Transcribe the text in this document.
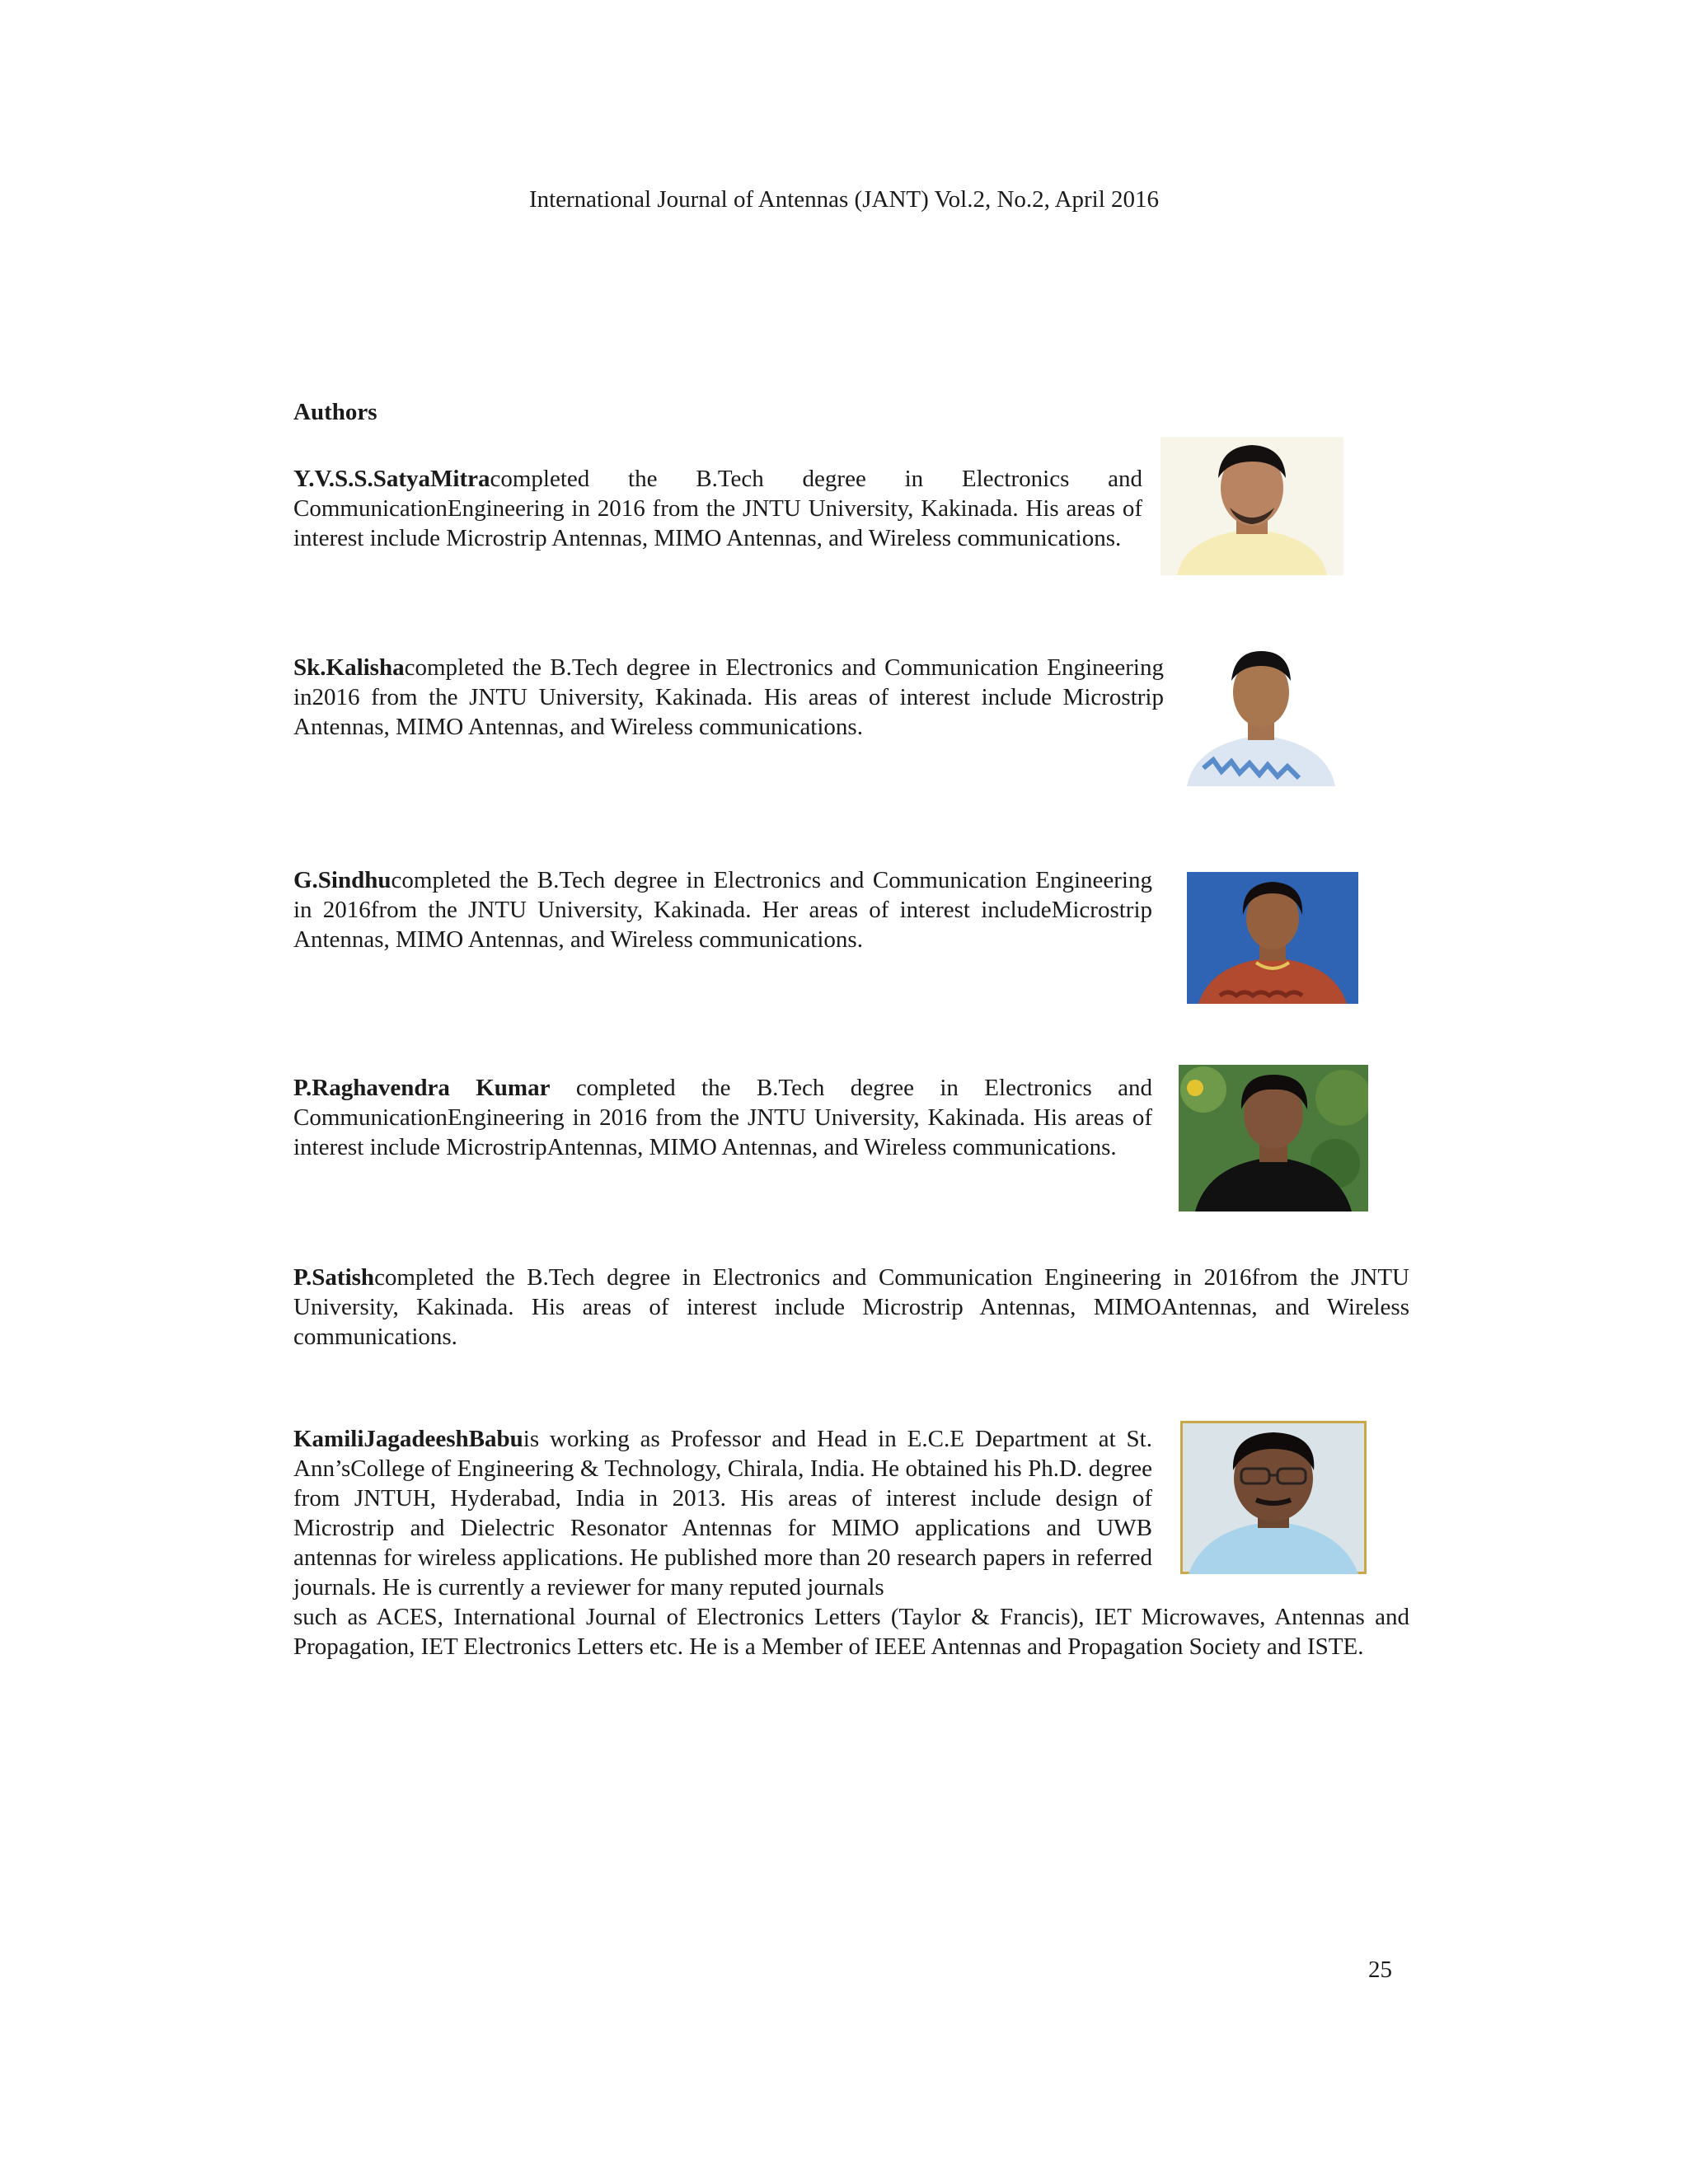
International Journal of Antennas (JANT) Vol.2, No.2, April 2016
Authors
Y.V.S.S.SatyaMitracompleted the B.Tech degree in Electronics and CommunicationEngineering in 2016 from the JNTU University, Kakinada. His areas of interest include Microstrip Antennas, MIMO Antennas, and Wireless communications.
Sk.Kalishacompleted the B.Tech degree in Electronics and Communication Engineering in2016 from the JNTU University, Kakinada. His areas of interest include Microstrip Antennas, MIMO Antennas, and Wireless communications.
G.Sindhucompleted the B.Tech degree in Electronics and Communication Engineering in 2016from the JNTU University, Kakinada. Her areas of interest includeMicrostrip Antennas, MIMO Antennas, and Wireless communications.
P.Raghavendra Kumar completed the B.Tech degree in Electronics and CommunicationEngineering in 2016 from the JNTU University, Kakinada. His areas of interest include MicrostripAntennas, MIMO Antennas, and Wireless communications.
P.Satishcompleted the B.Tech degree in Electronics and Communication Engineering in 2016from the JNTU University, Kakinada. His areas of interest include Microstrip Antennas, MIMOAntennas, and Wireless communications.
KamiliJagadeeshBabuis working as Professor and Head in E.C.E Department at St. Ann’sCollege of Engineering & Technology, Chirala, India. He obtained his Ph.D. degree from JNTUH, Hyderabad, India in 2013. His areas of interest include design of Microstrip and Dielectric Resonator Antennas for MIMO applications and UWB antennas for wireless applications. He published more than 20 research papers in referred journals. He is currently a reviewer for many reputed journals
such as ACES, International Journal of Electronics Letters (Taylor & Francis), IET Microwaves, Antennas and Propagation, IET Electronics Letters etc. He is a Member of IEEE Antennas and Propagation Society and ISTE.
25
